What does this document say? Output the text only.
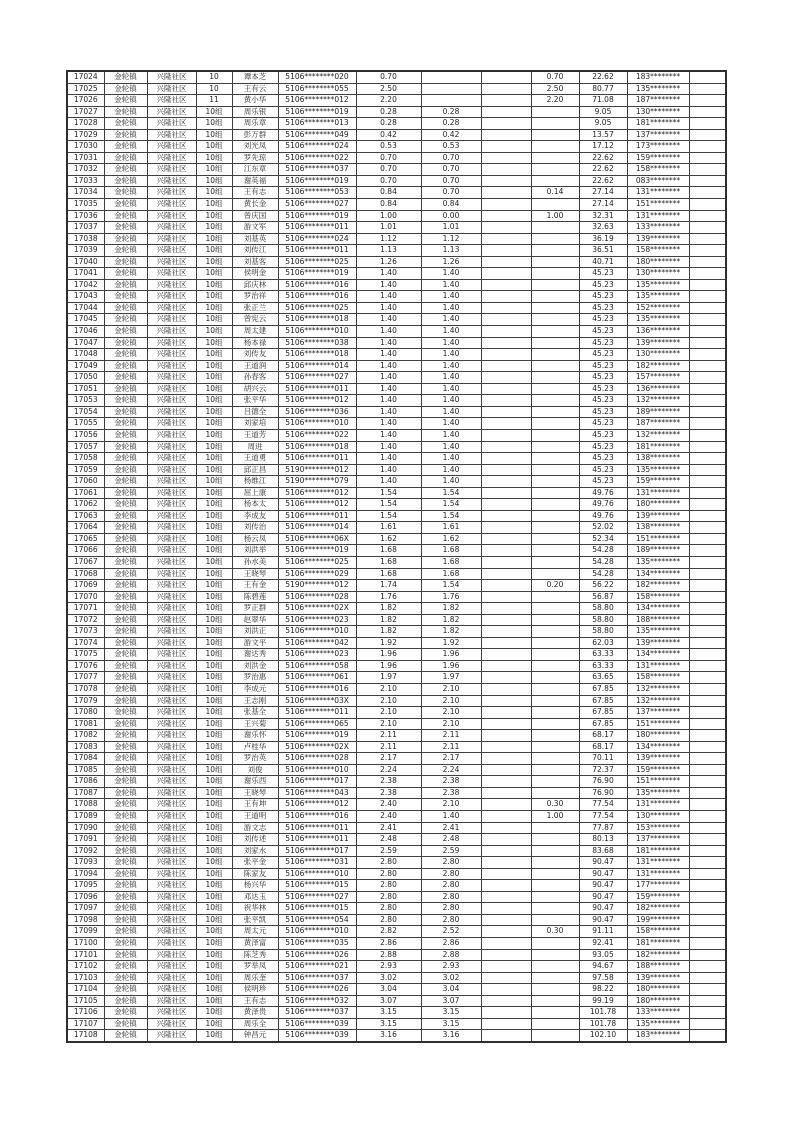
17024	金轮镇	兴隆社区	10	谭本芝	5106********020	0.70			0.70	22.62	183********	
17025	金轮镇	兴隆社区	10	王有云	5106********055	2.50			2.50	80.77	135********	
17026	金轮镇	兴隆社区	11	黄小华	5106********012	2.20			2.20	71.08	187********	
17027	金轮镇	兴隆社区	10组	周乐银	5106********019	0.28	0.28			9.05	130********	
17028	金轮镇	兴隆社区	10组	周乐章	5106********013	0.28	0.28			9.05	181********	
17029	金轮镇	兴隆社区	10组	彭万群	5106********049	0.42	0.42			13.57	137********	
17030	金轮镇	兴隆社区	10组	刘光凤	5106********024	0.53	0.53			17.12	173********	
17031	金轮镇	兴隆社区	10组	罗先琼	5106********022	0.70	0.70			22.62	159********	
17032	金轮镇	兴隆社区	10组	江东章	5106********037	0.70	0.70			22.62	158********	
17033	金轮镇	兴隆社区	10组	谢英福	5106********019	0.70	0.70			22.62	083********	
17034	金轮镇	兴隆社区	10组	王有志	5106********053	0.84	0.70		0.14	27.14	131********	
17035	金轮镇	兴隆社区	10组	黄长金	5106********027	0.84	0.84			27.14	151********	
17036	金轮镇	兴隆社区	10组	曾庆国	5106********019	1.00	0.00		1.00	32.31	131********	
17037	金轮镇	兴隆社区	10组	游文军	5106********011	1.01	1.01			32.63	133********	
17038	金轮镇	兴隆社区	10组	刘基英	5106********024	1.12	1.12			36.19	139********	
17039	金轮镇	兴隆社区	10组	刘传江	5106********011	1.13	1.13			36.51	158********	
17040	金轮镇	兴隆社区	10组	刘基客	5106********025	1.26	1.26			40.71	180********	
17041	金轮镇	兴隆社区	10组	侯明金	5106********019	1.40	1.40			45.23	130********	
17042	金轮镇	兴隆社区	10组	邱庆林	5106********016	1.40	1.40			45.23	135********	
17043	金轮镇	兴隆社区	10组	罗治祥	5106********016	1.40	1.40			45.23	135********	
17044	金轮镇	兴隆社区	10组	张正兰	5106********025	1.40	1.40			45.23	152********	
17045	金轮镇	兴隆社区	10组	曾宪云	5106********018	1.40	1.40			45.23	135********	
17046	金轮镇	兴隆社区	10组	周太建	5106********010	1.40	1.40			45.23	136********	
17047	金轮镇	兴隆社区	10组	杨本禄	5106********038	1.40	1.40			45.23	139********	
17048	金轮镇	兴隆社区	10组	刘传友	5106********018	1.40	1.40			45.23	130********	
17049	金轮镇	兴隆社区	10组	王道润	5106********014	1.40	1.40			45.23	182********	
17050	金轮镇	兴隆社区	10组	孙春客	5106********027	1.40	1.40			45.23	157********	
17051	金轮镇	兴隆社区	10组	胡兴云	5106********011	1.40	1.40			45.23	136********	
17053	金轮镇	兴隆社区	10组	张平华	5106********012	1.40	1.40			45.23	132********	
17054	金轮镇	兴隆社区	10组	吕德全	5106********036	1.40	1.40			45.23	189********	
17055	金轮镇	兴隆社区	10组	刘家培	5106********010	1.40	1.40			45.23	187********	
17056	金轮镇	兴隆社区	10组	王道芳	5106********022	1.40	1.40			45.23	132********	
17057	金轮镇	兴隆社区	10组	周进	5106********018	1.40	1.40			45.23	181********	
17058	金轮镇	兴隆社区	10组	王道勇	5106********011	1.40	1.40			45.23	138********	
17059	金轮镇	兴隆社区	10组	邱正昌	5190********012	1.40	1.40			45.23	135********	
17060	金轮镇	兴隆社区	10组	杨维江	5190********079	1.40	1.40			45.23	159********	
17061	金轮镇	兴隆社区	10组	屈上康	5106********012	1.54	1.54			49.76	131********	
17062	金轮镇	兴隆社区	10组	杨本太	5106********012	1.54	1.54			49.76	180********	
17063	金轮镇	兴隆社区	10组	李成友	5106********011	1.54	1.54			49.76	139********	
17064	金轮镇	兴隆社区	10组	刘传治	5106********014	1.61	1.61			52.02	138********	
17065	金轮镇	兴隆社区	10组	杨云凤	5106********06X	1.62	1.62			52.34	151********	
17066	金轮镇	兴隆社区	10组	刘洪举	5106********019	1.68	1.68			54.28	189********	
17067	金轮镇	兴隆社区	10组	孙水美	5106********025	1.68	1.68			54.28	135********	
17068	金轮镇	兴隆社区	10组	王晓琴	5106********029	1.68	1.68			54.28	134********	
17069	金轮镇	兴隆社区	10组	王有金	5190********012	1.74	1.54		0.20	56.22	182********	
17070	金轮镇	兴隆社区	10组	陈碧莲	5106********028	1.76	1.76			56.87	158********	
17071	金轮镇	兴隆社区	10组	罗正群	5106********02X	1.82	1.82			58.80	134********	
17072	金轮镇	兴隆社区	10组	赵翠华	5106********023	1.82	1.82			58.80	188********	
17073	金轮镇	兴隆社区	10组	刘洪正	5106********010	1.82	1.82			58.80	135********	
17074	金轮镇	兴隆社区	10组	游文平	5106********042	1.92	1.92			62.03	139********	
17075	金轮镇	兴隆社区	10组	谢达秀	5106********023	1.96	1.96			63.33	134********	
17076	金轮镇	兴隆社区	10组	刘洪金	5106********058	1.96	1.96			63.33	131********	
17077	金轮镇	兴隆社区	10组	罗治惠	5106********061	1.97	1.97			63.65	158********	
17078	金轮镇	兴隆社区	10组	李成元	5106********016	2.10	2.10			67.85	132********	
17079	金轮镇	兴隆社区	10组	王志刚	5106********03X	2.10	2.10			67.85	132********	
17080	金轮镇	兴隆社区	10组	张基全	5106********011	2.10	2.10			67.85	137********	
17081	金轮镇	兴隆社区	10组	王兴菊	5106********065	2.10	2.10			67.85	151********	
17082	金轮镇	兴隆社区	10组	谢乐怀	5106********019	2.11	2.11			68.17	180********	
17083	金轮镇	兴隆社区	10组	卢桂华	5106********02X	2.11	2.11			68.17	134********	
17084	金轮镇	兴隆社区	10组	罗治英	5106********028	2.17	2.17			70.11	139********	
17085	金轮镇	兴隆社区	10组	刘俊	5106********010	2.24	2.24			72.37	159********	
17086	金轮镇	兴隆社区	10组	谢乐西	5106********017	2.38	2.38			76.90	151********	
17087	金轮镇	兴隆社区	10组	王晓琴	5106********043	2.38	2.38			76.90	135********	
17088	金轮镇	兴隆社区	10组	王有坤	5106********012	2.40	2.10		0.30	77.54	131********	
17089	金轮镇	兴隆社区	10组	王道明	5106********016	2.40	1.40		1.00	77.54	130********	
17090	金轮镇	兴隆社区	10组	游文志	5106********011	2.41	2.41			77.87	153********	
17091	金轮镇	兴隆社区	10组	刘传述	5106********011	2.48	2.48			80.13	137********	
17092	金轮镇	兴隆社区	10组	刘家水	5106********017	2.59	2.59			83.68	181********	
17093	金轮镇	兴隆社区	10组	张平金	5106********031	2.80	2.80			90.47	131********	
17094	金轮镇	兴隆社区	10组	陈家友	5106********010	2.80	2.80			90.47	131********	
17095	金轮镇	兴隆社区	10组	杨兴华	5106********015	2.80	2.80			90.47	177********	
17096	金轮镇	兴隆社区	10组	邓达玉	5106********027	2.80	2.80			90.47	159********	
17097	金轮镇	兴隆社区	10组	祝华林	5106********015	2.80	2.80			90.47	182********	
17098	金轮镇	兴隆社区	10组	张平凯	5106********054	2.80	2.80			90.47	199********	
17099	金轮镇	兴隆社区	10组	周太元	5106********010	2.82	2.52		0.30	91.11	158********	
17100	金轮镇	兴隆社区	10组	黄泽富	5106********035	2.86	2.86			92.41	181********	
17101	金轮镇	兴隆社区	10组	陈芝秀	5106********026	2.88	2.88			93.05	182********	
17102	金轮镇	兴隆社区	10组	罗举凤	5106********021	2.93	2.93			94.67	188********	
17103	金轮镇	兴隆社区	10组	周乐奎	5106********037	3.02	3.02			97.58	139********	
17104	金轮镇	兴隆社区	10组	侯明珍	5106********026	3.04	3.04			98.22	180********	
17105	金轮镇	兴隆社区	10组	王有志	5106********032	3.07	3.07			99.19	180********	
17106	金轮镇	兴隆社区	10组	黄泽贵	5106********037	3.15	3.15			101.78	133********	
17107	金轮镇	兴隆社区	10组	周乐全	5106********039	3.15	3.15			101.78	135********	
17108	金轮镇	兴隆社区	10组	钟昌元	5106********039	3.16	3.16			102.10	183********	
